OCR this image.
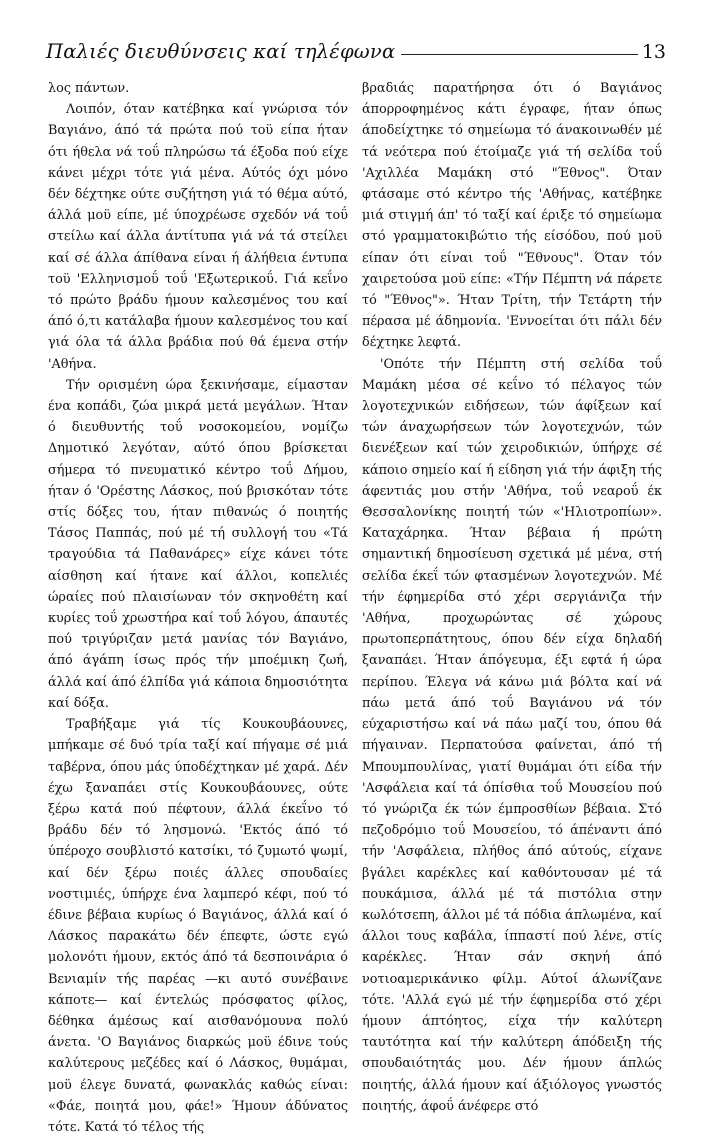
Παλιές διευθύνσεις καί τηλέφωνα	13

λος πάντων.

Λοιπόν, όταν κατέβηκα καί γνώρισα τόν Βαγιάνο, άπό τά πρώτα πού τοϋ είπα ήταν ότι ήθελα νά τοΰ πληρώσω τά έξοδα πού είχε κάνει μέχρι τότε γιά μένα. Αύτός όχι μόνο δέν δέχτηκε ούτε συζήτηση γιά τό θέμα αύτό, άλλά μοϋ είπε, μέ ύποχρέωσε σχεδόν νά τοΰ στείλω καί άλλα άντίτυπα γιά νά τά στείλει καί σέ άλλα άπίθανα είναι ή άλήθεια έντυπα τοϋ 'Ελληνισμοΰ τοΰ 'Εξωτερικοΰ. Γιά κεΐνο τό πρώτο βράδυ ήμουν καλεσμένος του καί άπό ό,τι κατάλαβα ήμουν καλεσμένος του καί γιά όλα τά άλλα βράδια πού θά έμενα στήν 'Αθήνα.

Τήν ορισμένη ώρα ξεκινήσαμε, είμασταν ένα κοπάδι, ζώα μικρά μετά μεγάλων. Ήταν ό διευθυντής τοΰ νοσοκομείου, νομίζω Δημοτικό λεγόταν, αύτό όπου βρίσκεται σήμερα τό πνευματικό κέντρο τοΰ Δήμου, ήταν ό 'Ορέστης Λάσκος, πού βρισκόταν τότε στίς δόξες του, ήταν πιθανώς ό ποιητής Τάσος Παππάς, πού μέ τή συλλογή του «Τά τραγούδια τά Παθανάρες» είχε κάνει τότε αίσθηση καί ήτανε καί άλλοι, κοπελιές ώραίες πού πλαισίωναν τόν σκηνοθέτη καί κυρίες τοΰ χρωστήρα καί τοΰ λόγου, άπαυτές πού τριγύριζαν μετά μανίας τόν Βαγιάνο, άπό άγάπη ίσως πρός τήν μποέμικη ζωή, άλλά καί άπό έλπίδα γιά κάποια δημοσιότητα καί δόξα.

Τραβήξαμε γιά τίς Κουκουβάουνες, μπήκαμε σέ δυό τρία ταξί καί πήγαμε σέ μιά ταβέρνα, όπου μάς ύποδέχτηκαν μέ χαρά. Δέν έχω ξαναπάει στίς Κουκουβάουνες, ούτε ξέρω κατά πού πέφτουν, άλλά έκεΐνο τό βράδυ δέν τό λησμονώ. 'Εκτός άπό τό ύπέροχο σουβλιστό κατσίκι, τό ζυμωτό ψωμί, καί δέν ξέρω ποιές άλλες σπουδαίες νοστιμιές, ύπήρχε ένα λαμπερό κέφι, πού τό έδινε βέβαια κυρίως ό Βαγιάνος, άλλά καί ό Λάσκος παρακάτω δέν έπεφτε, ώστε εγώ μολονότι ήμουν, εκτός άπό τά δεσποινάρια ό Βενιαμίν τής παρέας —κι αυτό συνέβαινε κάποτε— καί έντελώς πρόσφατος φίλος, δέθηκα άμέσως καί αισθανόμουνα πολύ άνετα. 'Ο Βαγιάνος διαρκώς μοϋ έδινε τούς καλύτερους μεζέδες καί ό Λάσκος, θυμάμαι, μοϋ έλεγε δυνατά, φωνακλάς καθώς είναι: «Φάε, ποιητά μου, φάε!» Ήμουν άδύνατος τότε. Κατά τό τέλος τής

βραδιάς παρατήρησα ότι ό Βαγιάνος άπορροφημένος κάτι έγραφε, ήταν όπως άποδείχτηκε τό σημείωμα τό άνακοινωθέν μέ τά νεότερα πού έτοίμαζε γιά τή σελίδα τοΰ 'Αχιλλέα Μαμάκη στό "Έθνος". Όταν φτάσαμε στό κέντρο τής 'Αθήνας, κατέβηκε μιά στιγμή άπ' τό ταξί καί έριξε τό σημείωμα στό γραμματοκιβώτιο τής είσόδου, πού μοϋ είπαν ότι είναι τοΰ "Έθνους". Όταν τόν χαιρετούσα μοϋ είπε: «Τήν Πέμπτη νά πάρετε τό "Έθνος"». Ήταν Τρίτη, τήν Τετάρτη τήν πέρασα μέ άδημονία. 'Εννοείται ότι πάλι δέν δέχτηκε λεφτά.

'Οπότε τήν Πέμπτη στή σελίδα τοΰ Μαμάκη μέσα σέ κεΐνο τό πέλαγος τών λογοτεχνικών ειδήσεων, τών άφίξεων καί τών άναχωρήσεων τών λογοτεχνών, τών διενέξεων καί τών χειροδικιών, ύπήρχε σέ κάποιο σημείο καί ή είδηση γιά τήν άφιξη τής άφεντιάς μου στήν 'Αθήνα, τοΰ νεαροΰ έκ Θεσσαλονίκης ποιητή τών «'Ηλιοτροπίων». Καταχάρηκα. Ήταν βέβαια ή πρώτη σημαντική δημοσίευση σχετικά μέ μένα, στή σελίδα έκεΐ τών φτασμένων λογοτεχνών. Μέ τήν έφημερίδα στό χέρι σεργιάνιζα τήν 'Αθήνα, προχωρώντας σέ χώρους πρωτοπερπάτητους, όπου δέν είχα δηλαδή ξαναπάει. Ήταν άπόγευμα, έξι εφτά ή ώρα περίπου. Έλεγα νά κάνω μιά βόλτα καί νά πάω μετά άπό τοΰ Βαγιάνου νά τόν εύχαριστήσω καί νά πάω μαζί του, όπου θά πήγαιναν. Περπατούσα φαίνεται, άπό τή Μπουμπουλίνας, γιατί θυμάμαι ότι είδα τήν 'Ασφάλεια καί τά όπίσθια τοΰ Μουσείου πού τό γνώριζα έκ τών έμπροσθίων βέβαια. Στό πεζοδρόμιο τοΰ Μουσείου, τό άπέναντι άπό τήν 'Ασφάλεια, πλήθος άπό αύτούς, είχανε βγάλει καρέκλες καί καθόντουσαν μέ τά πουκάμισα, άλλά μέ τά πιστόλια στην κωλότσεπη, άλλοι μέ τά πόδια άπλωμένα, καί άλλοι τους καβάλα, ίππαστί πού λένε, στίς καρέκλες. Ήταν σάν σκηνή άπό νοτιοαμερικάνικο φίλμ. Αύτοί άλωνίζανε τότε. 'Αλλά εγώ μέ τήν έφημερίδα στό χέρι ήμουν άπτόητος, είχα τήν καλύτερη ταυτότητα καί τήν καλύτερη άπόδειξη τής σπουδαιότητάς μου. Δέν ήμουν άπλώς ποιητής, άλλά ήμουν καί άξιόλογος γνωστός ποιητής, άφοΰ άνέφερε στό
